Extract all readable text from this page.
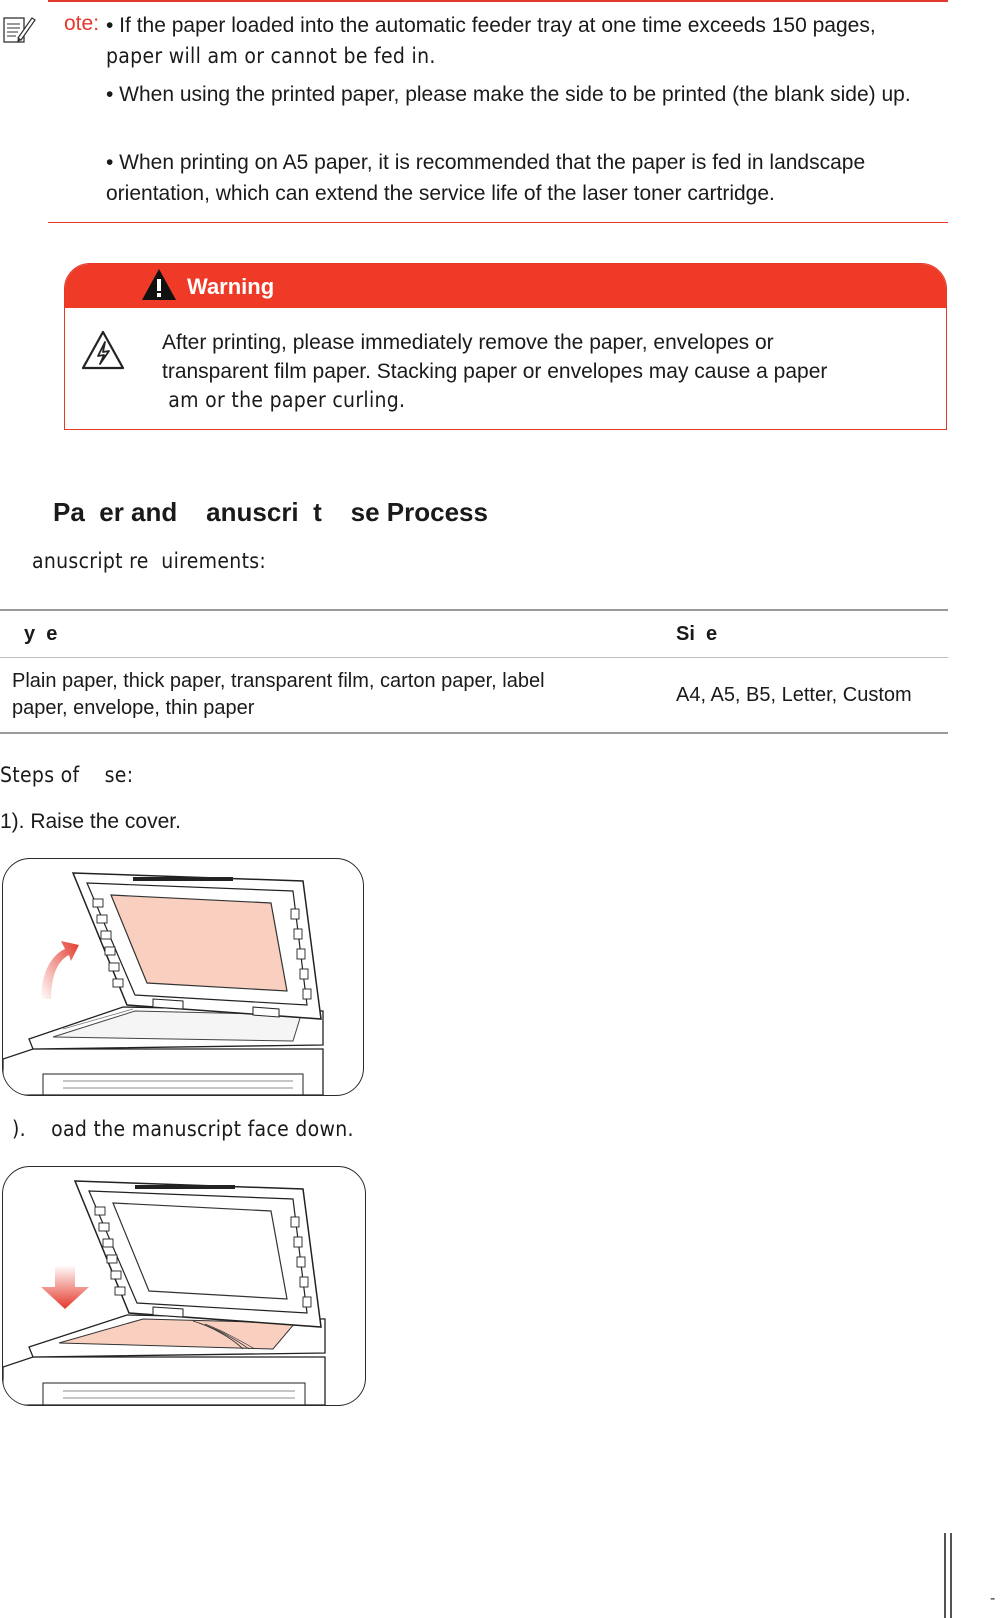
ote: • If the paper loaded into the automatic feeder tray at one time exceeds 150 pages,
paper will am or cannot be fed in.
• When using the printed paper, please make the side to be printed (the blank side) up.
• When printing on A5 paper, it is recommended that the paper is fed in landscape orientation, which can extend the service life of the laser toner cartridge.
Warning
After printing, please immediately remove the paper, envelopes or
transparent film paper. Stacking paper or envelopes may cause a paper
am or the paper curling.
Pa  er and    anuscri  t    se Process
anuscript re  uirements:
y  e	Si  e
Plain paper, thick paper, transparent film, carton paper, label paper, envelope, thin paper	A4, A5, B5, Letter, Custom
Steps of    se:
1). Raise the cover.
).    oad the manuscript face down.
-
